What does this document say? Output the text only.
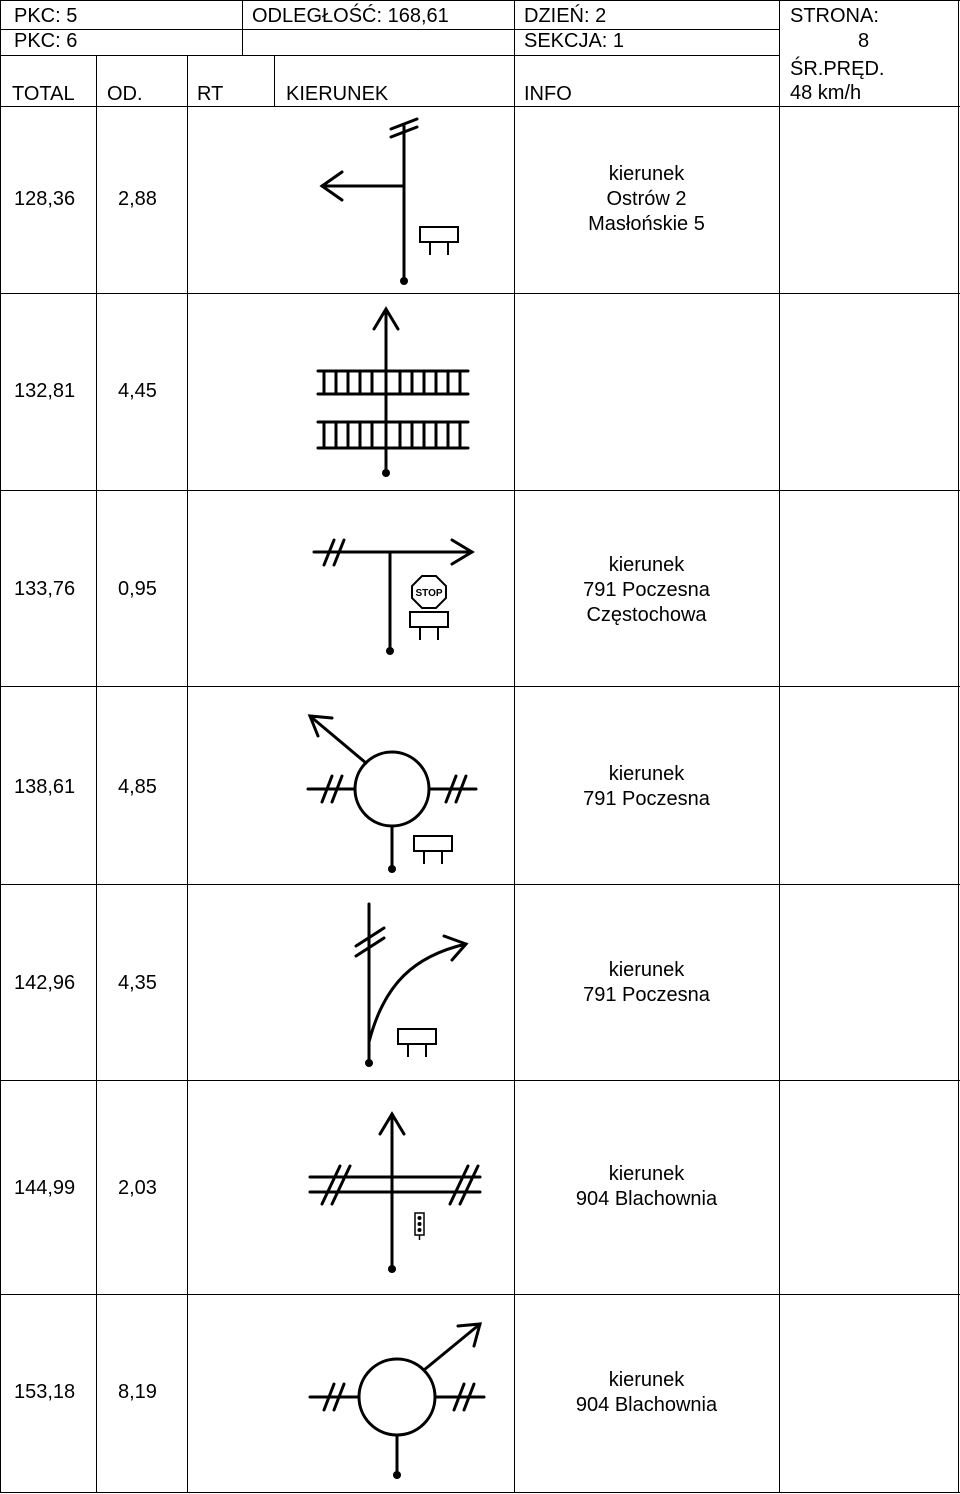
PKC: 5
PKC: 6
ODLEGŁOŚĆ: 168,61	DZIEŃ: 2
SEKCJA: 1
STRONA:
8
ŚR.PRĘD.
48 km/h
TOTAL OD.	RT	KIERUNEK	INFO
128,36 2,88
kierunek
Ostrów 2
Masłońskie 5
132,81 4,45
133,76 0,95
kierunek
791 Poczesna
Częstochowa
STOP
138,61 4,85
kierunek
791 Poczesna
142,96 4,35
kierunek
791 Poczesna
144,99 2,03
kierunek
904 Blachownia
153,18 8,19
kierunek
904 Blachownia
